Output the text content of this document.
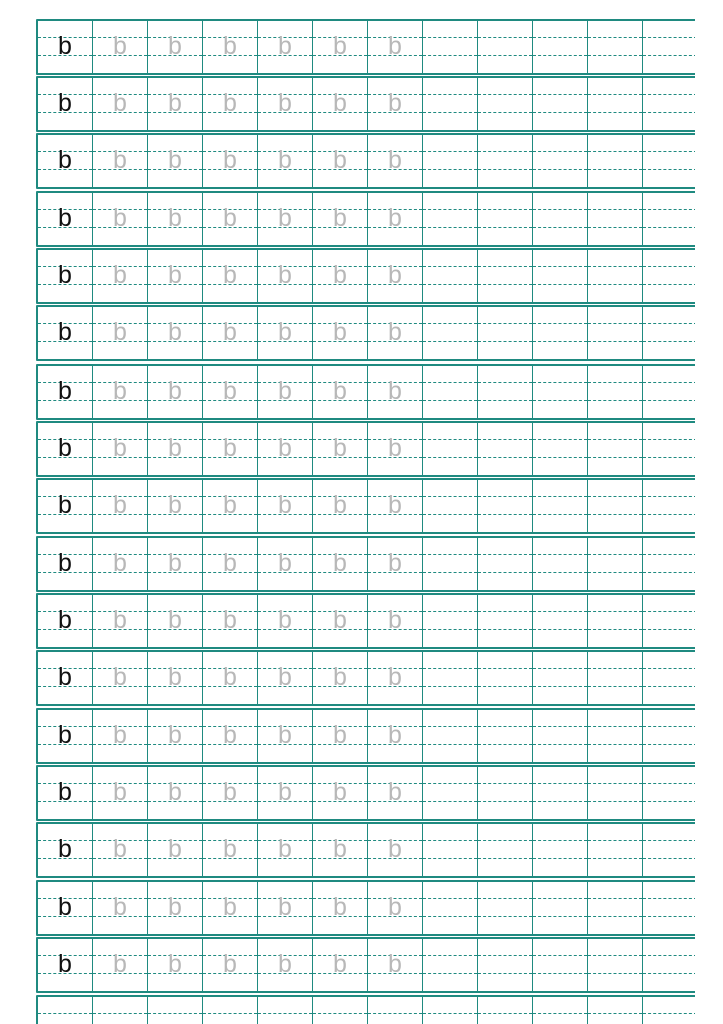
b	b	b	b	b	b	b
b	b	b	b	b	b	b
b	b	b	b	b	b	b
b	b	b	b	b	b	b
b	b	b	b	b	b	b
b	b	b	b	b	b	b
b	b	b	b	b	b	b
b	b	b	b	b	b	b
b	b	b	b	b	b	b
b	b	b	b	b	b	b
b	b	b	b	b	b	b
b	b	b	b	b	b	b
b	b	b	b	b	b	b
b	b	b	b	b	b	b
b	b	b	b	b	b	b
b	b	b	b	b	b	b
b	b	b	b	b	b	b
